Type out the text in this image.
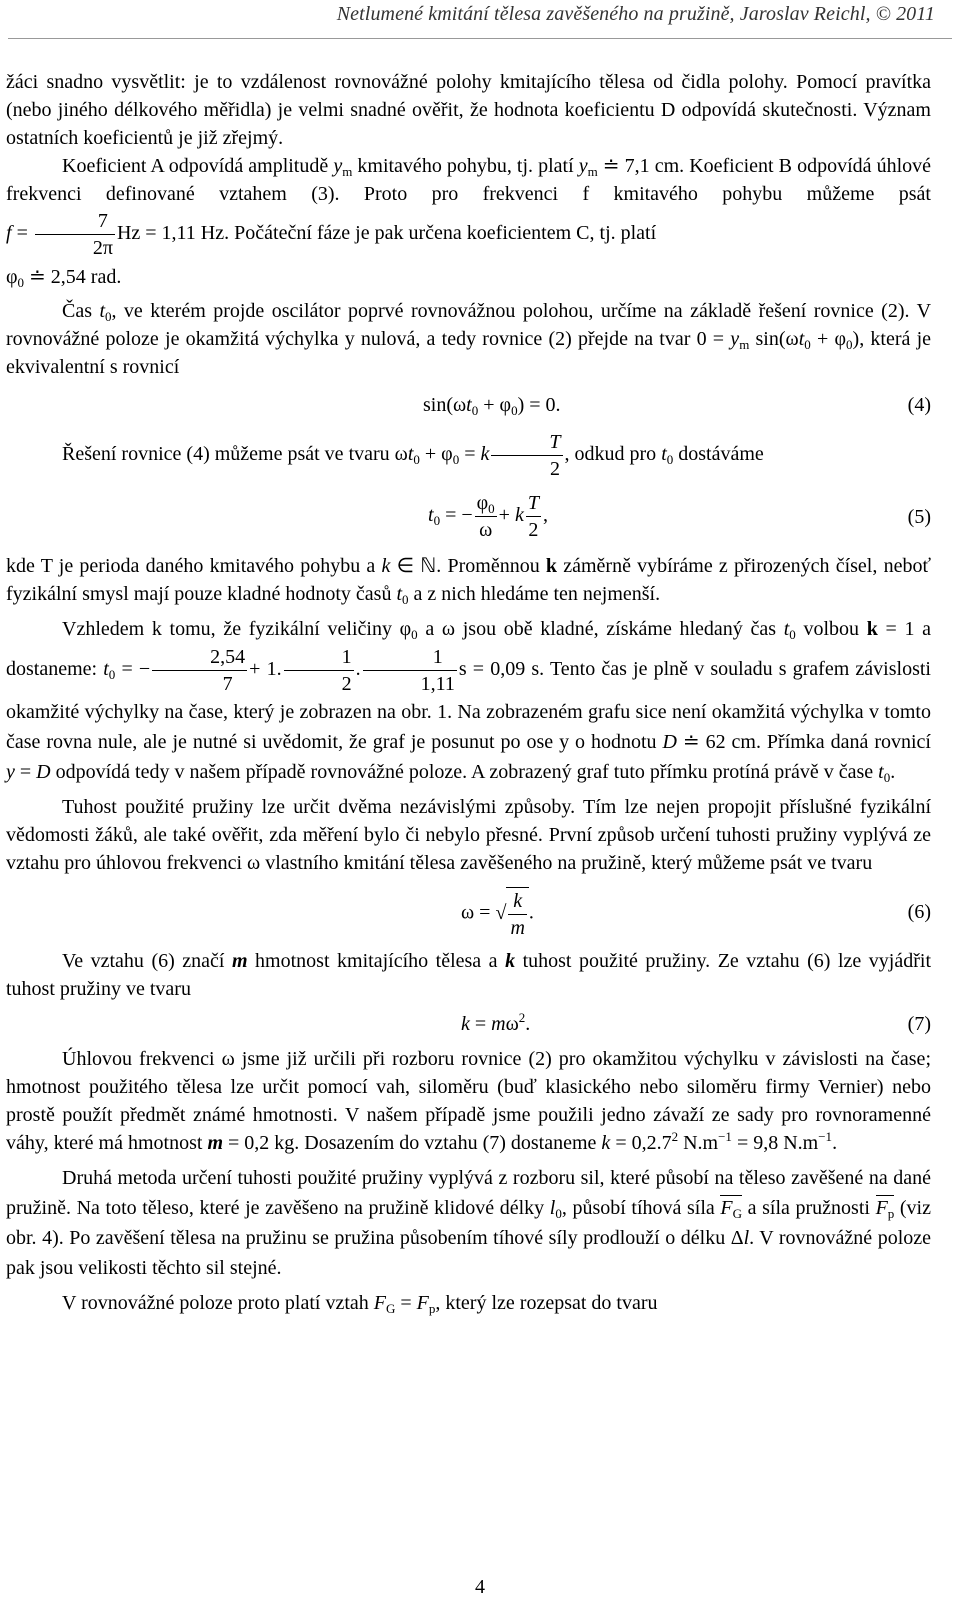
Netlumené kmitání tělesa zavěšeného na pružině, Jaroslav Reichl, © 2011

žáci snadno vysvětlit: je to vzdálenost rovnovážné polohy kmitajícího tělesa od čidla polohy. Pomocí pravítka (nebo jiného délkového měřidla) je velmi snadné ověřit, že hodnota koeficientu D odpovídá skutečnosti. Význam ostatních koeficientů je již zřejmý.

Koeficient A odpovídá amplitudě $y_m$ kmitavého pohybu, tj. platí $y_m$ ≐ 7,1 cm. Koeficient B odpovídá úhlové frekvenci definované vztahem (3). Proto pro frekvenci f kmitavého pohybu můžeme psát $f = \frac{7}{2\pi}$ Hz = 1,11 Hz. Počáteční fáze je pak určena koeficientem C, tj. platí

$\varphi_0$ ≐ 2,54 rad.

Čas $t_0$, ve kterém projde oscilátor poprvé rovnovážnou polohou, určíme na základě řešení rovnice (2). V rovnovážné poloze je okamžitá výchylka y nulová, a tedy rovnice (2) přejde na tvar $0 = y_m$ $\sin(\omega t_0 + \varphi_0)$, která je ekvivalentní s rovnicí

$\sin(\omega t_0 + \varphi_0) = 0$.	(4)

Řešení rovnice (4) můžeme psát ve tvaru $\omega t_0 + \varphi_0 = k \frac{T}{2}$ , odkud pro $t_0$ dostáváme

$t_0$ = − $\frac{\varphi_0}{\omega} + k \frac{T}{2}$ ,	(5)

kde T je perioda daného kmitavého pohybu a k ∈ ℕ. Proměnnou k záměrně vybíráme z přirozených čísel, neboť fyzikální smysl mají pouze kladné hodnoty časů $t_0$ a z nich hledáme ten nejmenší.

Vzhledem k tomu, že fyzikální veličiny $\varphi_0$ a ω jsou obě kladné, získáme hledaný čas $t_0$ volbou k = 1 a dostaneme: $t_0$ = − $\frac{2,54}{7} + 1$. $\frac{1}{2}$ . $\frac{1}{1,11}$ s = 0,09 s. Tento čas je plně v souladu s grafem závislosti okamžité výchylky na čase, který je zobrazen na obr. 1. Na zobrazeném grafu sice není okamžitá výchylka v tomto čase rovna nule, ale je nutné si uvědomit, že graf je posunut po ose y o hodnotu D ≐ 62 cm. Přímka daná rovnicí y = D odpovídá tedy v našem případě rovnovážné poloze. A zobrazený graf tuto přímku protíná právě v čase $t_0$.

Tuhost použité pružiny lze určit dvěma nezávislými způsoby. Tím lze nejen propojit příslušné fyzikální vědomosti žáků, ale také ověřit, zda měření bylo či nebylo přesné. První způsob určení tuhosti pružiny vyplývá ze vztahu pro úhlovou frekvenci ω vlastního kmitání tělesa zavěšeného na pružině, který můžeme psát ve tvaru

ω = √ $\frac{k}{m}$ .	(6)

Ve vztahu (6) značí m hmotnost kmitajícího tělesa a k tuhost použité pružiny. Ze vztahu (6) lze vyjádřit tuhost pružiny ve tvaru

$k = m\omega^2$.	(7)

Úhlovou frekvenci ω jsme již určili při rozboru rovnice (2) pro okamžitou výchylku v závislosti na čase; hmotnost použitého tělesa lze určit pomocí vah, siloměru (buď klasického nebo siloměru firmy Vernier) nebo prostě použít předmět známé hmotnosti. V našem případě jsme použili jedno závaží ze sady pro rovnoramenné váhy, které má hmotnost m = 0,2 kg. Dosazením do vztahu (7) dostaneme $k = 0,2.7^2$ $N.m^{-1} = 9,8$ $N.m^{-1}$.

Druhá metoda určení tuhosti použité pružiny vyplývá z rozboru sil, které působí na těleso zavěšené na dané pružině. Na toto těleso, které je zavěšeno na pružině klidové délky $l_0$, působí tíhová síla $F_G$ a síla pružnosti $F_p$ (viz obr. 4). Po zavěšení tělesa na pružinu se pružina působením tíhové síly prodlouží o délku Δl. V rovnovážné poloze pak jsou velikosti těchto sil stejné.

V rovnovážné poloze proto platí vztah $F_G = F_p$, který lze rozepsat do tvaru

4
